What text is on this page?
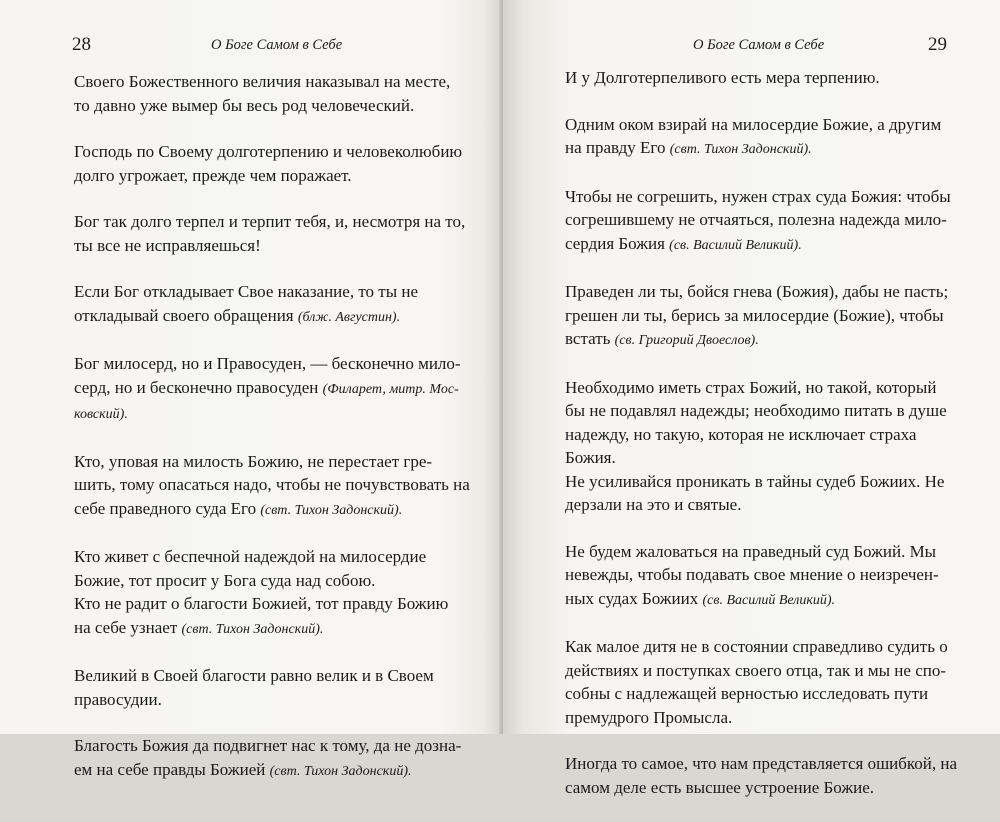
28	О Боге Самом в Себе
Своего Божественного величия наказывал на месте,
то давно уже вымер бы весь род человеческий.
Господь по Своему долготерпению и человеколюбию
долго угрожает, прежде чем поражает.
Бог так долго терпел и терпит тебя, и, несмотря на то,
ты все не исправляешься!
Если Бог откладывает Свое наказание, то ты не
откладывай своего обращения (блж. Августин).
Бог милосерд, но и Правосуден, — бесконечно мило-
серд, но и бесконечно правосуден (Филарет, митр. Мос-
ковский).
Кто, уповая на милость Божию, не перестает гре-
шить, тому опасаться надо, чтобы не почувствовать на
себе праведного суда Его (свт. Тихон Задонский).
Кто живет с беспечной надеждой на милосердие
Божие, тот просит у Бога суда над собою.
Кто не радит о благости Божией, тот правду Божию
на себе узнает (свт. Тихон Задонский).
Великий в Своей благости равно велик и в Своем
правосудии.
Благость Божия да подвигнет нас к тому, да не дозна-
ем на себе правды Божией (свт. Тихон Задонский).
О Боге Самом в Себе	29
И у Долготерпеливого есть мера терпению.
Одним оком взирай на милосердие Божие, а другим
на правду Его (свт. Тихон Задонский).
Чтобы не согрешить, нужен страх суда Божия: чтобы
согрешившему не отчаяться, полезна надежда мило-
сердия Божия (св. Василий Великий).
Праведен ли ты, бойся гнева (Божия), дабы не пасть;
грешен ли ты, берись за милосердие (Божие), чтобы
встать (св. Григорий Двоеслов).
Необходимо иметь страх Божий, но такой, который
бы не подавлял надежды; необходимо питать в душе
надежду, но такую, которая не исключает страха
Божия.
Не усиливайся проникать в тайны судеб Божиих. Не
дерзали на это и святые.
Не будем жаловаться на праведный суд Божий. Мы
невежды, чтобы подавать свое мнение о неизречен-
ных судах Божиих (св. Василий Великий).
Как малое дитя не в состоянии справедливо судить о
действиях и поступках своего отца, так и мы не спо-
собны с надлежащей верностью исследовать пути
премудрого Промысла.
Иногда то самое, что нам представляется ошибкой, на
самом деле есть высшее устроение Божие.
